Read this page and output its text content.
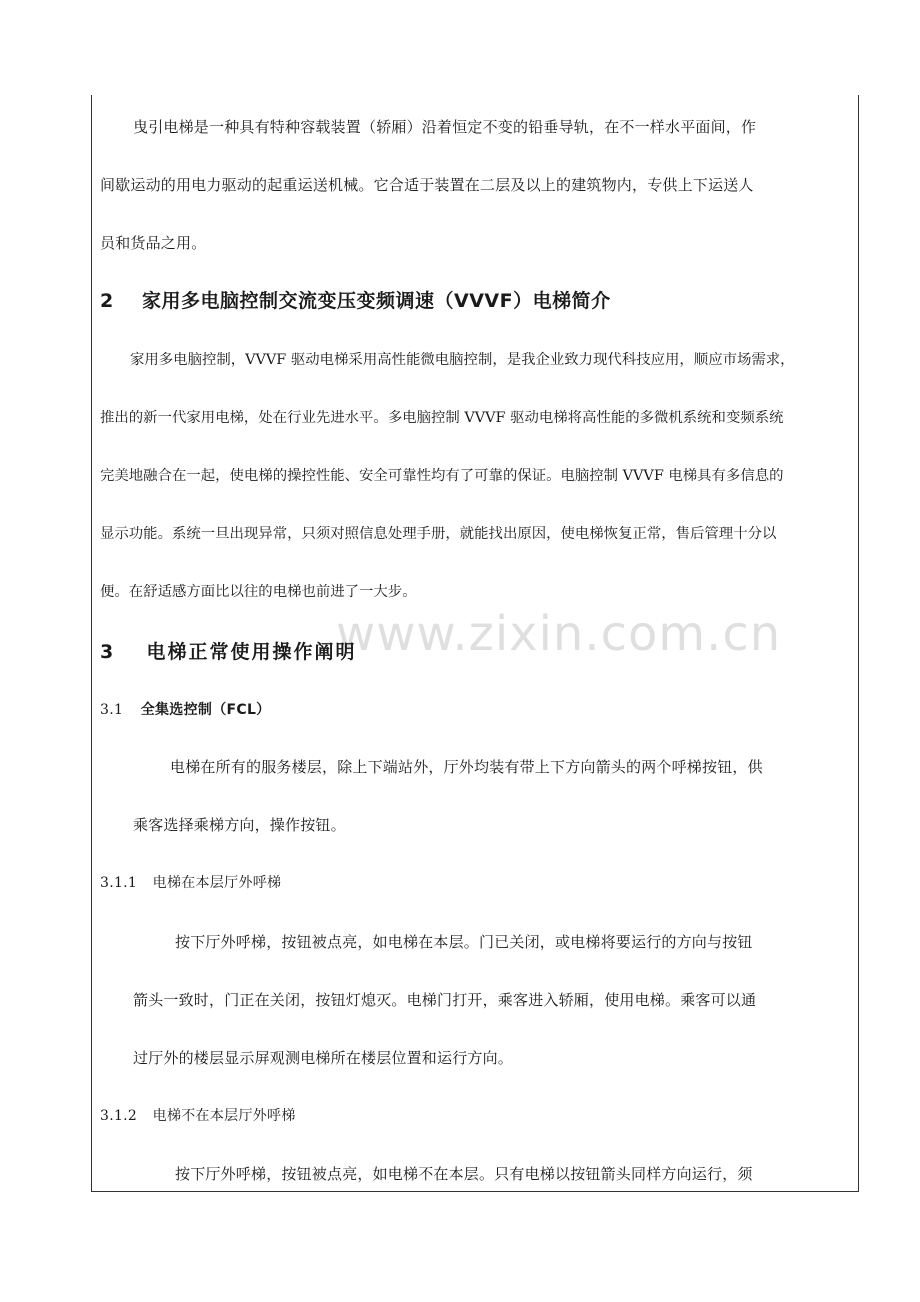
www.zixin.com.cn
曳引电梯是一种具有特种容载装置（轿厢）沿着恒定不变的铅垂导轨，在不一样水平面间，作
间歇运动的用电力驱动的起重运送机械。它合适于装置在二层及以上的建筑物内，专供上下运送人
员和货品之用。
2 家用多电脑控制交流变压变频调速（VVVF）电梯简介
家用多电脑控制，VVVF 驱动电梯采用高性能微电脑控制，是我企业致力现代科技应用，顺应市场需求，
推出的新一代家用电梯，处在行业先进水平。多电脑控制 VVVF 驱动电梯将高性能的多微机系统和变频系统
完美地融合在一起，使电梯的操控性能、安全可靠性均有了可靠的保证。电脑控制 VVVF 电梯具有多信息的
显示功能。系统一旦出现异常，只须对照信息处理手册，就能找出原因，使电梯恢复正常，售后管理十分以
便。在舒适感方面比以往的电梯也前进了一大步。
3 电梯正常使用操作阐明
3.1 全集选控制（FCL）
电梯在所有的服务楼层，除上下端站外，厅外均装有带上下方向箭头的两个呼梯按钮，供
乘客选择乘梯方向，操作按钮。
3.1.1 电梯在本层厅外呼梯
按下厅外呼梯，按钮被点亮，如电梯在本层。门已关闭，或电梯将要运行的方向与按钮
箭头一致时，门正在关闭，按钮灯熄灭。电梯门打开，乘客进入轿厢，使用电梯。乘客可以通
过厅外的楼层显示屏观测电梯所在楼层位置和运行方向。
3.1.2 电梯不在本层厅外呼梯
按下厅外呼梯，按钮被点亮，如电梯不在本层。只有电梯以按钮箭头同样方向运行，须
